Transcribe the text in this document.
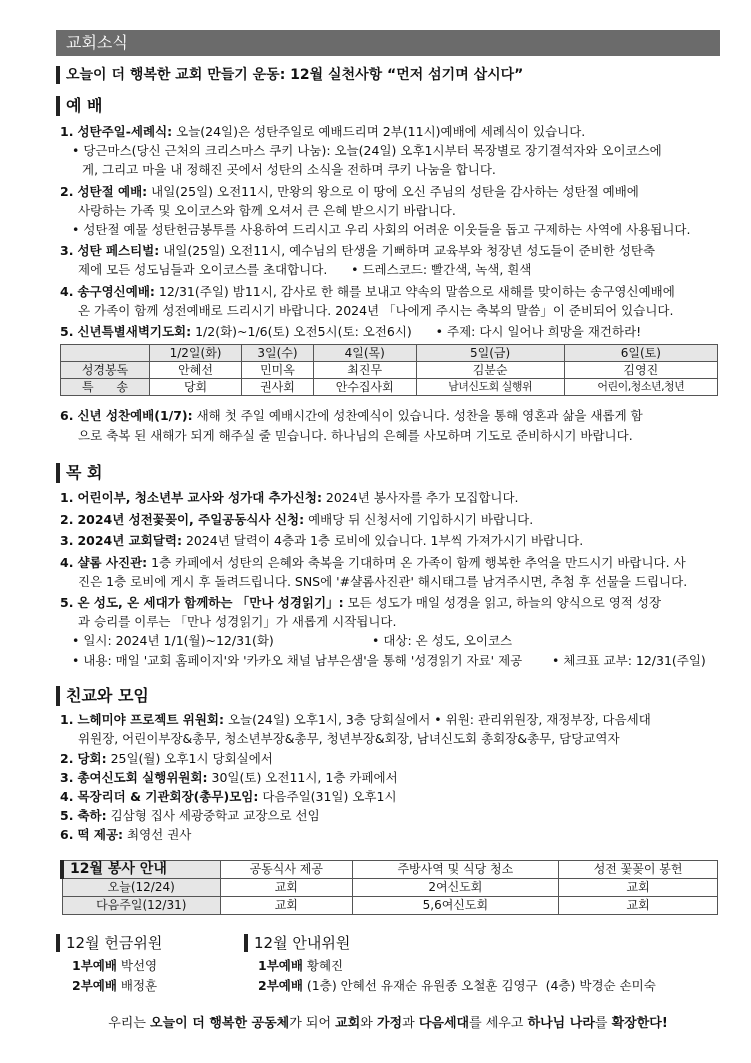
교회소식
오늘이 더 행복한 교회 만들기 운동: 12월 실천사항 “먼저 섬기며 삽시다”
예 배
1. 성탄주일-세례식: 오늘(24일)은 성탄주일로 예배드리며 2부(11시)예배에 세례식이 있습니다.
• 당근마스(당신 근처의 크리스마스 쿠키 나눔): 오늘(24일) 오후1시부터 목장별로 장기결석자와 오이코스에
게, 그리고 마을 내 정해진 곳에서 성탄의 소식을 전하며 쿠키 나눔을 합니다.
2. 성탄절 예배: 내일(25일) 오전11시, 만왕의 왕으로 이 땅에 오신 주님의 성탄을 감사하는 성탄절 예배에
사랑하는 가족 및 오이코스와 함께 오셔서 큰 은혜 받으시기 바랍니다.
• 성탄절 예물 성탄헌금봉투를 사용하여 드리시고 우리 사회의 어려운 이웃들을 돕고 구제하는 사역에 사용됩니다.
3. 성탄 페스티벌: 내일(25일) 오전11시, 예수님의 탄생을 기뻐하며 교육부와 청장년 성도들이 준비한 성탄축
제에 모든 성도님들과 오이코스를 초대합니다.      • 드레스코드: 빨간색, 녹색, 흰색
4. 송구영신예배: 12/31(주일) 밤11시, 감사로 한 해를 보내고 약속의 말씀으로 새해를 맞이하는 송구영신예배에
온 가족이 함께 성전예배로 드리시기 바랍니다. 2024년 「나에게 주시는 축복의 말씀」이 준비되어 있습니다.
5. 신년특별새벽기도회: 1/2(화)~1/6(토) 오전5시(토: 오전6시)      • 주제: 다시 일어나 희망을 재건하라!
	1/2일(화)	3일(수)	4일(목)	5일(금)	6일(토)
성경봉독	안혜선	민미옥	최진무	김분순	김영진
특      송	당회	권사회	안수집사회	남녀신도회 실행위	어린이,청소년,청년
6. 신년 성찬예배(1/7): 새해 첫 주일 예배시간에 성찬예식이 있습니다. 성찬을 통해 영혼과 삶을 새롭게 함
으로 축복 된 새해가 되게 해주실 줄 믿습니다. 하나님의 은혜를 사모하며 기도로 준비하시기 바랍니다.
목 회
1. 어린이부, 청소년부 교사와 성가대 추가신청: 2024년 봉사자를 추가 모집합니다.
2. 2024년 성전꽃꽂이, 주일공동식사 신청: 예배당 뒤 신청서에 기입하시기 바랍니다.
3. 2024년 교회달력: 2024년 달력이 4층과 1층 로비에 있습니다. 1부씩 가져가시기 바랍니다.
4. 샬롬 사진관: 1층 카페에서 성탄의 은혜와 축복을 기대하며 온 가족이 함께 행복한 추억을 만드시기 바랍니다. 사
진은 1층 로비에 게시 후 돌려드립니다. SNS에 '#샬롬사진관' 해시태그를 남겨주시면, 추첨 후 선물을 드립니다.
5. 온 성도, 온 세대가 함께하는 「만나 성경읽기」: 모든 성도가 매일 성경을 읽고, 하늘의 양식으로 영적 성장
과 승리를 이루는 「만나 성경읽기」가 새롭게 시작됩니다.
• 일시: 2024년 1/1(월)~12/31(화)	• 대상: 온 성도, 오이코스
• 내용: 매일 '교회 홈페이지'와 '카카오 채널 남부은샘'을 통해 '성경읽기 자료' 제공	• 체크표 교부: 12/31(주일)
친교와 모임
1. 느헤미야 프로젝트 위원회: 오늘(24일) 오후1시, 3층 당회실에서 • 위원: 관리위원장, 재정부장, 다음세대
위원장, 어린이부장&총무, 청소년부장&총무, 청년부장&회장, 남녀신도회 총회장&총무, 담당교역자
2. 당회: 25일(월) 오후1시 당회실에서
3. 총여신도회 실행위원회: 30일(토) 오전11시, 1층 카페에서
4. 목장리더 & 기관회장(총무)모임: 다음주일(31일) 오후1시
5. 축하: 김삼형 집사 세광중학교 교장으로 선임
6. 떡 제공: 최영선 권사
12월 봉사 안내	공동식사 제공	주방사역 및 식당 청소	성전 꽃꽂이 봉헌
오늘(12/24)	교회	2여신도회	교회
다음주일(12/31)	교회	5,6여신도회	교회
12월 헌금위원
1부예배 박선영
2부예배 배정훈
12월 안내위원
1부예배 황혜진
2부예배 (1층) 안혜선 유재순 유원종 오철훈 김영구  (4층) 박경순 손미숙
우리는 오늘이 더 행복한 공동체가 되어 교회와 가정과 다음세대를 세우고 하나님 나라를 확장한다!
